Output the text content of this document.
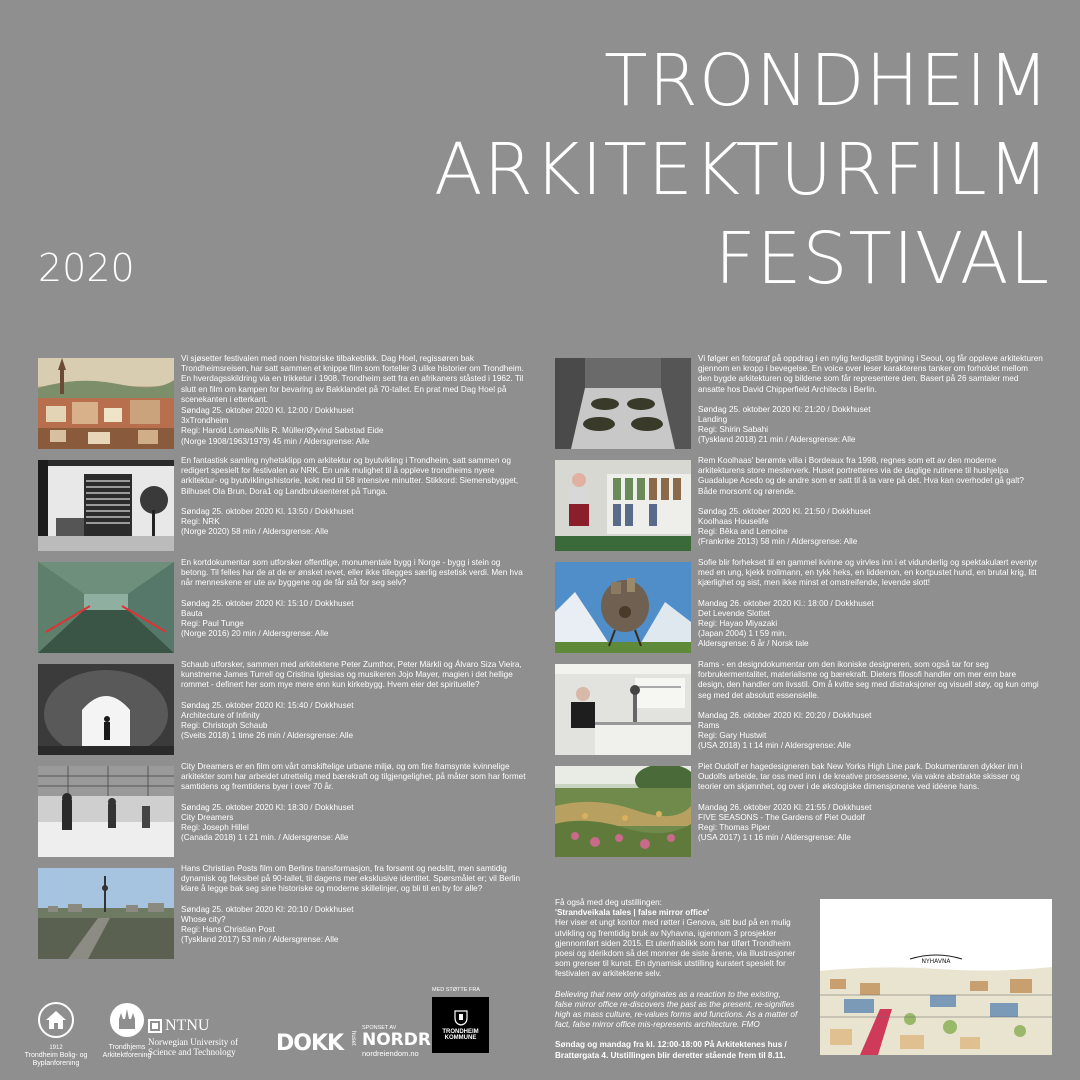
TRONDHEIM
ARKITEKTURFILM
FESTIVAL
2020

Vi sjøsetter festivalen med noen historiske tilbakeblikk. Dag Hoel, regissøren bak Trondheimsreisen, har satt sammen et knippe film som forteller 3 ulike historier om Trondheim. En hverdagsskildring via en trikketur i 1908. Trondheim sett fra en afrikaners ståsted i 1962. Til slutt en film om kampen for bevaring av Bakklandet på 70-tallet. En prat med Dag Hoel på scenekanten i etterkant.

Søndag 25. oktober 2020 Kl. 12:00 / Dokkhuset

3xTrondheim

Regi: Harold Lomas/Nils R. Müller/Øyvind Søbstad Eide

(Norge 1908/1963/1979) 45 min / Aldersgrense: Alle

En fantastisk samling nyhetsklipp om arkitektur og byutvikling i Trondheim, satt sammen og redigert spesielt for festivalen av NRK. En unik mulighet til å oppleve trondheims nyere arkitektur- og byutviklingshistorie, kokt ned til 58 intensive minutter. Stikkord: Siemensbygget, Bilhuset Ola Brun, Dora1 og Landbruksenteret på Tunga.

Søndag 25. oktober 2020 Kl. 13:50 / Dokkhuset

Regi: NRK

(Norge 2020) 58 min / Aldersgrense: Alle

En kortdokumentar som utforsker offentlige, monumentale bygg i Norge - bygg i stein og betong. Til felles har de at de er ønsket revet, eller ikke tillegges særlig estetisk verdi. Men hva når menneskene er ute av byggene og de får stå for seg selv?

Søndag 25. oktober 2020 Kl: 15:10 / Dokkhuset

Bauta

Regi: Paul Tunge

(Norge 2016) 20 min / Aldersgrense: Alle

Schaub utforsker, sammen med arkitektene Peter Zumthor, Peter Märkli og Álvaro Siza Vieira, kunstnerne James Turrell og Cristina Iglesias og musikeren Jojo Mayer, magien i det hellige rommet - definert her som mye mere enn kun kirkebygg. Hvem eier det spirituelle?

Søndag 25. oktober 2020 Kl: 15:40 / Dokkhuset

Architecture of Infinity

Regi: Christoph Schaub

(Sveits 2018) 1 time 26 min / Aldersgrense: Alle

City Dreamers er en film om vårt omskiftelige urbane miljø, og om fire framsynte kvinnelige arkitekter som har arbeidet utrettelig med bærekraft og tilgjengelighet, på måter som har formet samtidens og fremtidens byer i over 70 år.

Søndag 25. oktober 2020 Kl: 18:30 / Dokkhuset

City Dreamers

Regi: Joseph Hillel

(Canada 2018) 1 t 21 min. / Aldersgrense: Alle

Hans Christian Posts film om Berlins transformasjon, fra forsømt og nedslitt, men samtidig dynamisk og fleksibel på 90-tallet, til dagens mer eksklusive identitet. Spørsmålet er; vil Berlin klare å legge bak seg sine historiske og moderne skillelinjer, og bli til en by for alle?

Søndag 25. oktober 2020 Kl: 20:10 / Dokkhuset

Whose city?

Regi: Hans Christian Post

(Tyskland 2017) 53 min / Aldersgrense: Alle

Vi følger en fotograf på oppdrag i en nylig ferdigstilt bygning i Seoul, og får oppleve arkitekturen gjennom en kropp i bevegelse. En voice over leser karakterens tanker om forholdet mellom den bygde arkitekturen og bildene som får representere den. Basert på 26 samtaler med ansatte hos David Chipperfield Architects i Berlin.

Søndag 25. oktober 2020 Kl: 21:20 / Dokkhuset

Landing

Regi: Shirin Sabahi

(Tyskland 2018) 21 min / Aldersgrense: Alle

Rem Koolhaas' berømte villa i Bordeaux fra 1998, regnes som ett av den moderne arkitekturens store mesterverk. Huset portretteres via de daglige rutinene til hushjelpa Guadalupe Acedo og de andre som er satt til å ta vare på det. Hva kan overhodet gå galt? Både morsomt og rørende.

Søndag 25. oktober 2020 Kl. 21:50 / Dokkhuset

Koolhaas Houselife

Regi: Bêka and Lemoine

(Frankrike 2013) 58 min / Aldersgrense: Alle

Sofie blir forhekset til en gammel kvinne og virvles inn i et vidunderlig og spektakulært eventyr med en ung, kjekk trollmann, en tykk heks, en liddemon, en kortpustet hund, en brutal krig, litt kjærlighet og sist, men ikke minst et omstreifende, levende slott!

Mandag 26. oktober 2020 Kl.: 18:00 / Dokkhuset

Det Levende Slottet

Regi: Hayao Miyazaki

(Japan 2004) 1 t 59 min.

Aldersgrense: 6 år / Norsk tale

Rams - en designdokumentar om den ikoniske designeren, som også tar for seg forbrukermentalitet, materialisme og bærekraft. Dieters filosofi handler om mer enn bare design, den handler om livsstil. Om å kvitte seg med distraksjoner og visuell støy, og kun omgi seg med det absolutt essensielle.

Mandag 26. oktober 2020 Kl: 20:20 / Dokkhuset

Rams

Regi: Gary Hustwit

(USA 2018) 1 t 14 min / Aldersgrense: Alle

Piet Oudolf er hagedesigneren bak New Yorks High Line park. Dokumentaren dykker inn i Oudolfs arbeide, tar oss med inn i de kreative prosessene, via vakre abstrakte skisser og teorier om skjønnhet, og over i de økologiske dimensjonene ved idéene hans.

Mandag 26. oktober 2020 Kl: 21:55 / Dokkhuset

FIVE SEASONS - The Gardens of Piet Oudolf

Regi: Thomas Piper

(USA 2017) 1 t 16 min / Aldersgrense: Alle

Få også med deg utstillingen:

'Strandveikala tales | false mirror office'

Her viser et ungt kontor med røtter i Genova, sitt bud på en mulig utvikling og fremtidig bruk av Nyhavna, igjennom 3 prosjekter gjennomført siden 2015. Et utenfrablikk som har tilført Trondheim poesi og idérikdom så det monner de siste årene, via illustrasjoner som grenser til kunst. En dynamisk utstilling kuratert spesielt for festivalen av arkitektene selv.

Believing that new only originates as a reaction to the existing, false mirror office re-discovers the past as the present, re-signifies high as mass culture, re-values forms and functions. As a matter of fact, false mirror office mis-represents architecture. FMO

Søndag og mandag fra kl. 12:00-18:00 På Arkitektenes hus / Brattørgata 4. Utstillingen blir deretter stående frem til 8.11.

NYHAVNA
1912
Trondheim Bolig- og Byplanforening
Trondhjems Arkitektforening
NTNU
Norwegian University of
Science and Technology	DOKK huset
SPONSET AV
NORDR
nordreiendom.no
MED STØTTE FRA
TRONDHEIM
KOMMUNE
